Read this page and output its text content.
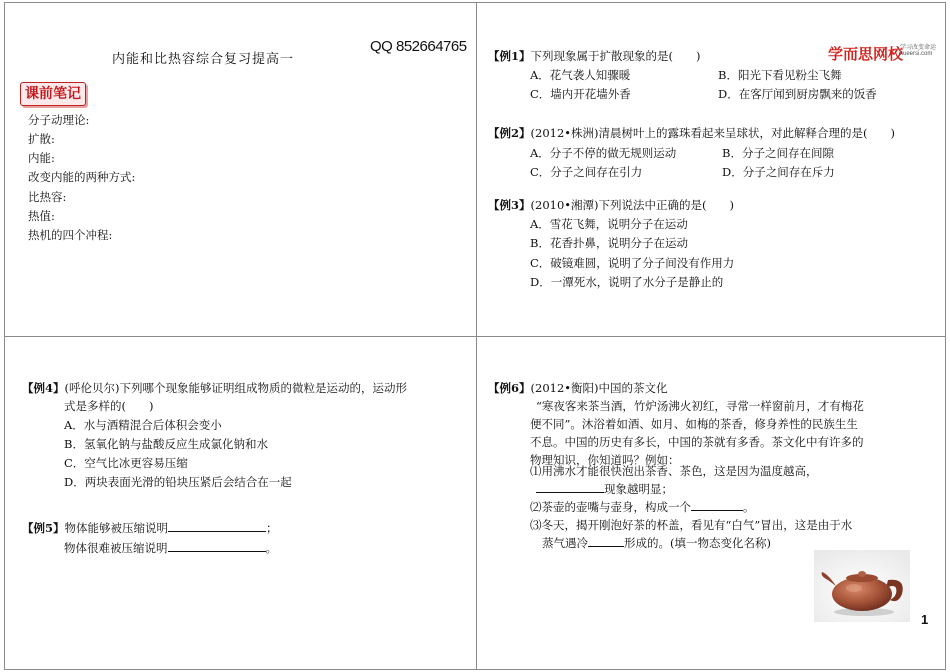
内能和比热容综合复习提高一
QQ 852664765
课前笔记
分子动理论:
扩散:
内能:
改变内能的两种方式:
比热容:
热值:
热机的四个冲程:
学而思网校
学习改变命运
xueersi.com
【例1】下列现象属于扩散现象的是(　　)
A．花气袭人知骤暖	B．阳光下看见粉尘飞舞
C．墙内开花墙外香	D．在客厅闻到厨房飘来的饭香
【例2】(2012•株洲)清晨树叶上的露珠看起来呈球状，对此解释合理的是(　　)
A．分子不停的做无规则运动	B．分子之间存在间隙
C．分子之间存在引力	D．分子之间存在斥力
【例3】(2010•湘潭)下列说法中正确的是(　　)
A．雪花飞舞，说明分子在运动
B．花香扑鼻，说明分子在运动
C．破镜难圆，说明了分子间没有作用力
D．一潭死水，说明了水分子是静止的
【例4】(呼伦贝尔)下列哪个现象能够证明组成物质的微粒是运动的，运动形
式是多样的(　　)
A．水与酒精混合后体积会变小
B．氢氧化钠与盐酸反应生成氯化钠和水
C．空气比冰更容易压缩
D．两块表面光滑的铅块压紧后会结合在一起
【例5】物体能够被压缩说明	；
物体很难被压缩说明	。
【例6】(2012•衡阳)中国的茶文化
“寒夜客来茶当酒，竹炉汤沸火初红，寻常一样窗前月，才有梅花
便不同”。沐浴着如酒、如月、如梅的茶香，修身养性的民族生生
不息。中国的历史有多长，中国的茶就有多香。茶文化中有许多的
物理知识，你知道吗？例如：
⑴用沸水才能很快泡出茶香、茶色，这是因为温度越高，
现象越明显；
⑵茶壶的壶嘴与壶身，构成一个	。
⑶冬天，揭开刚泡好茶的杯盖，看见有“白气”冒出，这是由于水
蒸气遇冷	形成的。(填一物态变化名称)
1
